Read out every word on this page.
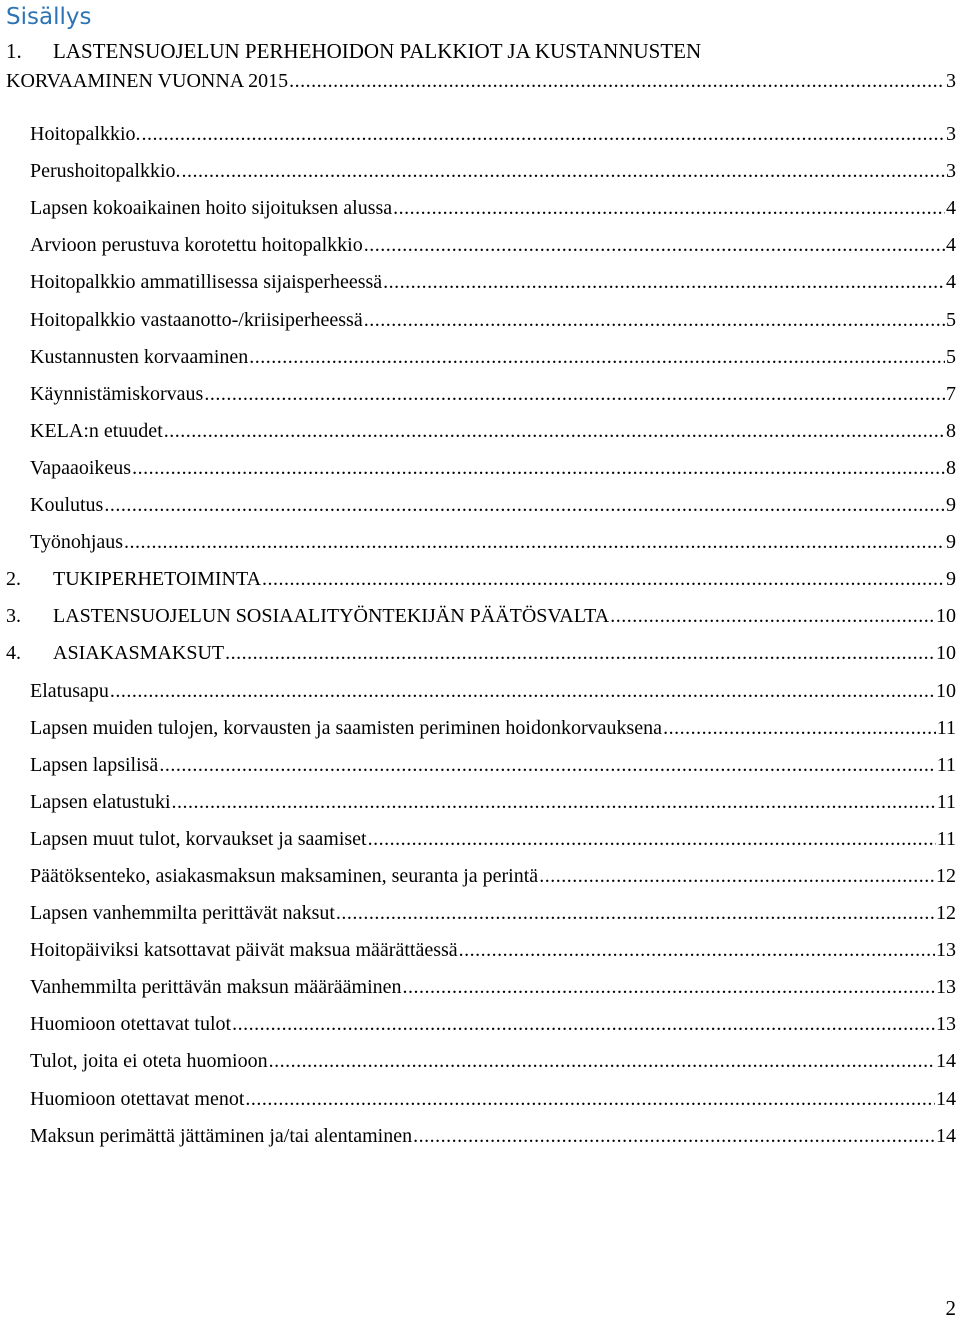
Sisällys
1. LASTENSUOJELUN PERHEHOIDON PALKKIOT JA KUSTANNUSTEN
KORVAAMINEN VUONNA 2015 .....	3
Hoitopalkkio. .....	3
Perushoitopalkkio. .....	3
Lapsen kokoaikainen hoito sijoituksen alussa .....	4
Arvioon perustuva korotettu hoitopalkkio .....	4
Hoitopalkkio ammatillisessa sijaisperheessä .....	4
Hoitopalkkio vastaanotto-/kriisiperheessä .....	5
Kustannusten korvaaminen .....	5
Käynnistämiskorvaus .....	7
KELA:n etuudet .....	8
Vapaaoikeus .....	8
Koulutus .....	9
Työnohjaus .....	9
2.	TUKIPERHETOIMINTA .....	9
3.	LASTENSUOJELUN SOSIAALITYÖNTEKIJÄN PÄÄTÖSVALTA .....	10
4.	ASIAKASMAKSUT .....	10
Elatusapu .....	10
Lapsen muiden tulojen, korvausten ja saamisten periminen hoidonkorvauksena .....	11
Lapsen lapsilisä .....	11
Lapsen elatustuki .....	11
Lapsen muut tulot, korvaukset ja saamiset .....	11
Päätöksenteko, asiakasmaksun maksaminen, seuranta ja perintä .....	12
Lapsen vanhemmilta perittävät naksut .....	12
Hoitopäiviksi katsottavat päivät maksua määrättäessä .....	13
Vanhemmilta perittävän maksun määrääminen .....	13
Huomioon otettavat tulot .....	13
Tulot, joita ei oteta huomioon .....	14
Huomioon otettavat menot .....	14
Maksun perimättä jättäminen ja/tai alentaminen .....	14
2
